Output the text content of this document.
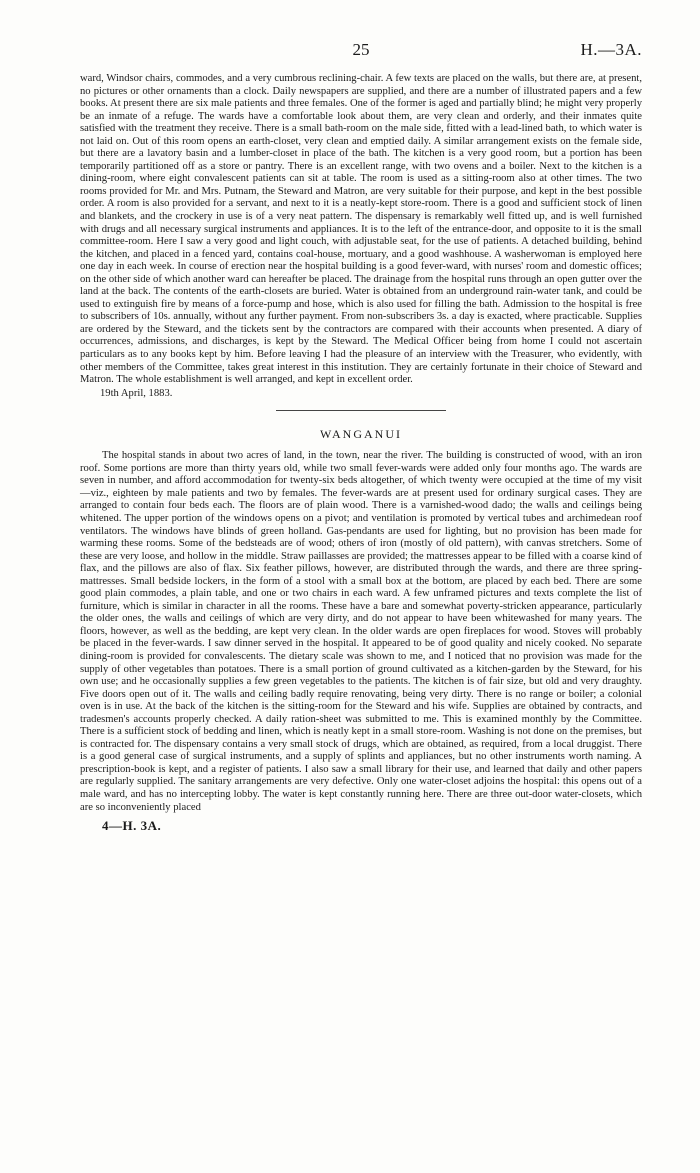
25	H.—3A.

ward, Windsor chairs, commodes, and a very cumbrous reclining-chair. A few texts are placed on the walls, but there are, at present, no pictures or other ornaments than a clock. Daily newspapers are supplied, and there are a number of illustrated papers and a few books. At present there are six male patients and three females. One of the former is aged and partially blind; he might very properly be an inmate of a refuge. The wards have a comfortable look about them, are very clean and orderly, and their inmates quite satisfied with the treatment they receive. There is a small bath-room on the male side, fitted with a lead-lined bath, to which water is not laid on. Out of this room opens an earth-closet, very clean and emptied daily. A similar arrangement exists on the female side, but there are a lavatory basin and a lumber-closet in place of the bath. The kitchen is a very good room, but a portion has been temporarily partitioned off as a store or pantry. There is an excellent range, with two ovens and a boiler. Next to the kitchen is a dining-room, where eight convalescent patients can sit at table. The room is used as a sitting-room also at other times. The two rooms provided for Mr. and Mrs. Putnam, the Steward and Matron, are very suitable for their purpose, and kept in the best possible order. A room is also provided for a servant, and next to it is a neatly-kept store-room. There is a good and sufficient stock of linen and blankets, and the crockery in use is of a very neat pattern. The dispensary is remarkably well fitted up, and is well furnished with drugs and all necessary surgical instruments and appliances. It is to the left of the entrance-door, and opposite to it is the small committee-room. Here I saw a very good and light couch, with adjustable seat, for the use of patients. A detached building, behind the kitchen, and placed in a fenced yard, contains coal-house, mortuary, and a good washhouse. A washerwoman is employed here one day in each week. In course of erection near the hospital building is a good fever-ward, with nurses' room and domestic offices; on the other side of which another ward can hereafter be placed. The drainage from the hospital runs through an open gutter over the land at the back. The contents of the earth-closets are buried. Water is obtained from an underground rain-water tank, and could be used to extinguish fire by means of a force-pump and hose, which is also used for filling the bath. Admission to the hospital is free to subscribers of 10s. annually, without any further payment. From non-subscribers 3s. a day is exacted, where practicable. Supplies are ordered by the Steward, and the tickets sent by the contractors are compared with their accounts when presented. A diary of occurrences, admissions, and discharges, is kept by the Steward. The Medical Officer being from home I could not ascertain particulars as to any books kept by him. Before leaving I had the pleasure of an interview with the Treasurer, who evidently, with other members of the Committee, takes great interest in this institution. They are certainly fortunate in their choice of Steward and Matron. The whole establishment is well arranged, and kept in excellent order.

19th April, 1883.
WANGANUI

The hospital stands in about two acres of land, in the town, near the river. The building is constructed of wood, with an iron roof. Some portions are more than thirty years old, while two small fever-wards were added only four months ago. The wards are seven in number, and afford accommodation for twenty-six beds altogether, of which twenty were occupied at the time of my visit—viz., eighteen by male patients and two by females. The fever-wards are at present used for ordinary surgical cases. They are arranged to contain four beds each. The floors are of plain wood. There is a varnished-wood dado; the walls and ceilings being whitened. The upper portion of the windows opens on a pivot; and ventilation is promoted by vertical tubes and archimedean roof ventilators. The windows have blinds of green holland. Gas-pendants are used for lighting, but no provision has been made for warming these rooms. Some of the bedsteads are of wood; others of iron (mostly of old pattern), with canvas stretchers. Some of these are very loose, and hollow in the middle. Straw paillasses are provided; the mattresses appear to be filled with a coarse kind of flax, and the pillows are also of flax. Six feather pillows, however, are distributed through the wards, and there are three spring-mattresses. Small bedside lockers, in the form of a stool with a small box at the bottom, are placed by each bed. There are some good plain commodes, a plain table, and one or two chairs in each ward. A few unframed pictures and texts complete the list of furniture, which is similar in character in all the rooms. These have a bare and somewhat poverty-stricken appearance, particularly the older ones, the walls and ceilings of which are very dirty, and do not appear to have been whitewashed for many years. The floors, however, as well as the bedding, are kept very clean. In the older wards are open fireplaces for wood. Stoves will probably be placed in the fever-wards. I saw dinner served in the hospital. It appeared to be of good quality and nicely cooked. No separate dining-room is provided for convalescents. The dietary scale was shown to me, and I noticed that no provision was made for the supply of other vegetables than potatoes. There is a small portion of ground cultivated as a kitchen-garden by the Steward, for his own use; and he occasionally supplies a few green vegetables to the patients. The kitchen is of fair size, but old and very draughty. Five doors open out of it. The walls and ceiling badly require renovating, being very dirty. There is no range or boiler; a colonial oven is in use. At the back of the kitchen is the sitting-room for the Steward and his wife. Supplies are obtained by contracts, and tradesmen's accounts properly checked. A daily ration-sheet was submitted to me. This is examined monthly by the Committee. There is a sufficient stock of bedding and linen, which is neatly kept in a small store-room. Washing is not done on the premises, but is contracted for. The dispensary contains a very small stock of drugs, which are obtained, as required, from a local druggist. There is a good general case of surgical instruments, and a supply of splints and appliances, but no other instruments worth naming. A prescription-book is kept, and a register of patients. I also saw a small library for their use, and learned that daily and other papers are regularly supplied. The sanitary arrangements are very defective. Only one water-closet adjoins the hospital: this opens out of a male ward, and has no intercepting lobby. The water is kept constantly running here. There are three out-door water-closets, which are so inconveniently placed

4—H. 3A.
